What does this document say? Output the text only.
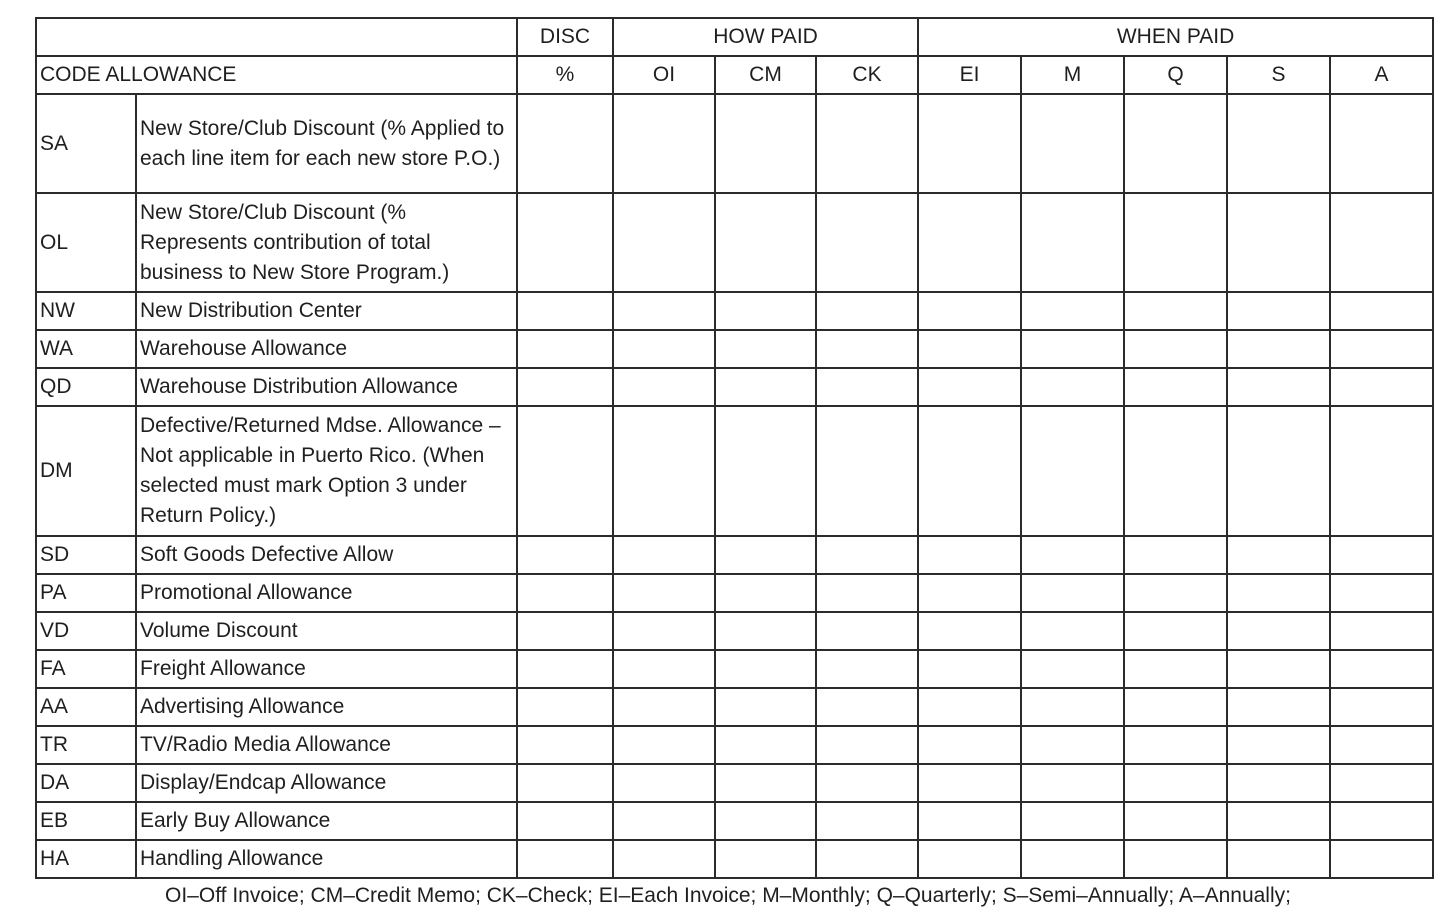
		DISC	HOW PAID			WHEN PAID				
CODE ALLOWANCE		%	OI	CM	CK	EI	M	Q	S	A
SA	New Store/Club Discount (% Applied to each line item for each new store P.O.)									
OL	New Store/Club Discount (% Represents contribution of total business to New Store Program.)									
NW	New Distribution Center									
WA	Warehouse Allowance									
QD	Warehouse Distribution Allowance									
DM	Defective/Returned Mdse. Allowance – Not applicable in Puerto Rico. (When selected must mark Option 3 under Return Policy.)									
SD	Soft Goods Defective Allow									
PA	Promotional Allowance									
VD	Volume Discount									
FA	Freight Allowance									
AA	Advertising Allowance									
TR	TV/Radio Media Allowance									
DA	Display/Endcap Allowance									
EB	Early Buy Allowance									
HA	Handling Allowance									
OI–Off Invoice; CM–Credit Memo; CK–Check; EI–Each Invoice; M–Monthly; Q–Quarterly; S–Semi–Annually; A–Annually;
